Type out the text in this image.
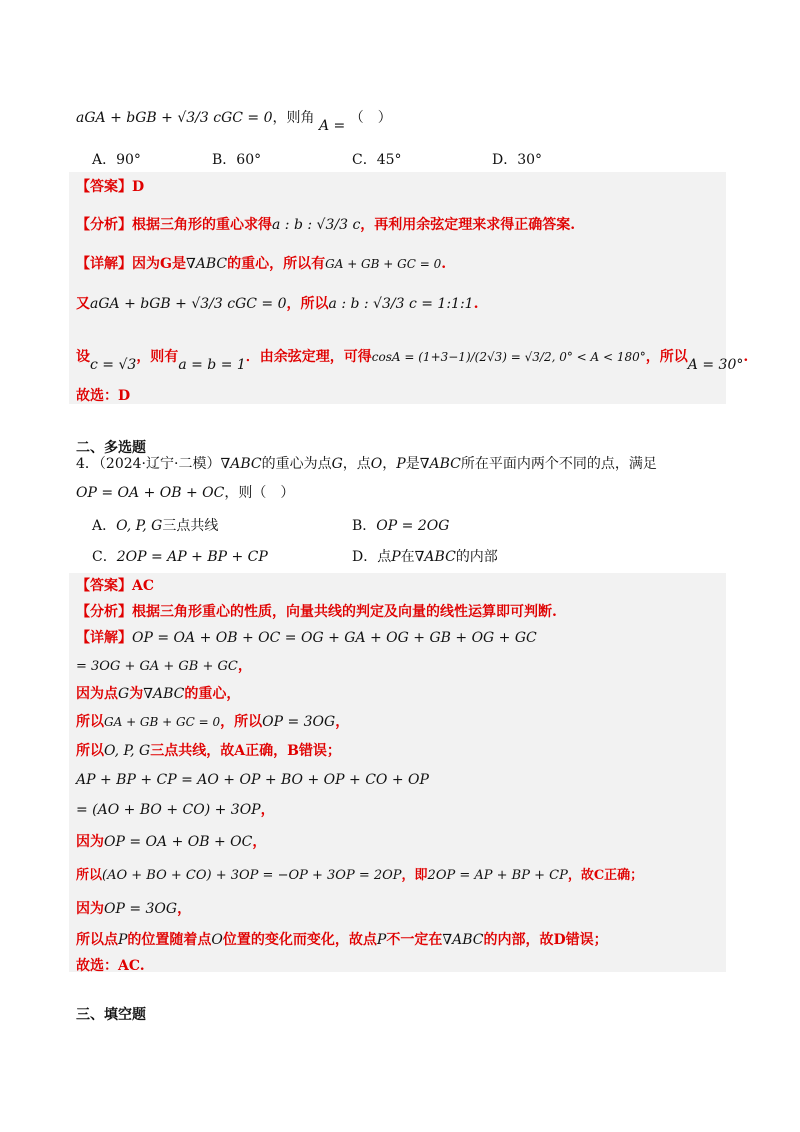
aGA + bGB + √3/3 cGC = 0，则角 A = （　）
A．90°	B．60°	C．45°	D．30°
【答案】D
【分析】根据三角形的重心求得a : b : √3/3 c，再利用余弦定理来求得正确答案.
【详解】因为G是∇ABC的重心，所以有GA + GB + GC = 0.
又aGA + bGB + √3/3 cGC = 0，所以a : b : √3/3 c = 1:1:1.
设c = √3，则有a = b = 1．由余弦定理，可得cosA = (1+3−1)/(2√3) = √3/2, 0° < A < 180°，所以A = 30°.
故选：D
二、多选题
4．（2024·辽宁·二模）∇ABC的重心为点G，点O，P是∇ABC所在平面内两个不同的点，满足
OP = OA + OB + OC，则（　）
A．O, P, G三点共线	B．OP = 2OG
C．2OP = AP + BP + CP	D．点P在∇ABC的内部
【答案】AC
【分析】根据三角形重心的性质，向量共线的判定及向量的线性运算即可判断.
【详解】OP = OA + OB + OC = OG + GA + OG + GB + OG + GC
= 3OG + GA + GB + GC，
因为点G为∇ABC的重心，
所以GA + GB + GC = 0，所以OP = 3OG，
所以O, P, G三点共线，故A正确，B错误；
AP + BP + CP = AO + OP + BO + OP + CO + OP
= (AO + BO + CO) + 3OP，
因为OP = OA + OB + OC，
所以(AO + BO + CO) + 3OP = −OP + 3OP = 2OP，即2OP = AP + BP + CP，故C正确；
因为OP = 3OG，
所以点P的位置随着点O位置的变化而变化，故点P不一定在∇ABC的内部，故D错误；
故选：AC.
三、填空题
